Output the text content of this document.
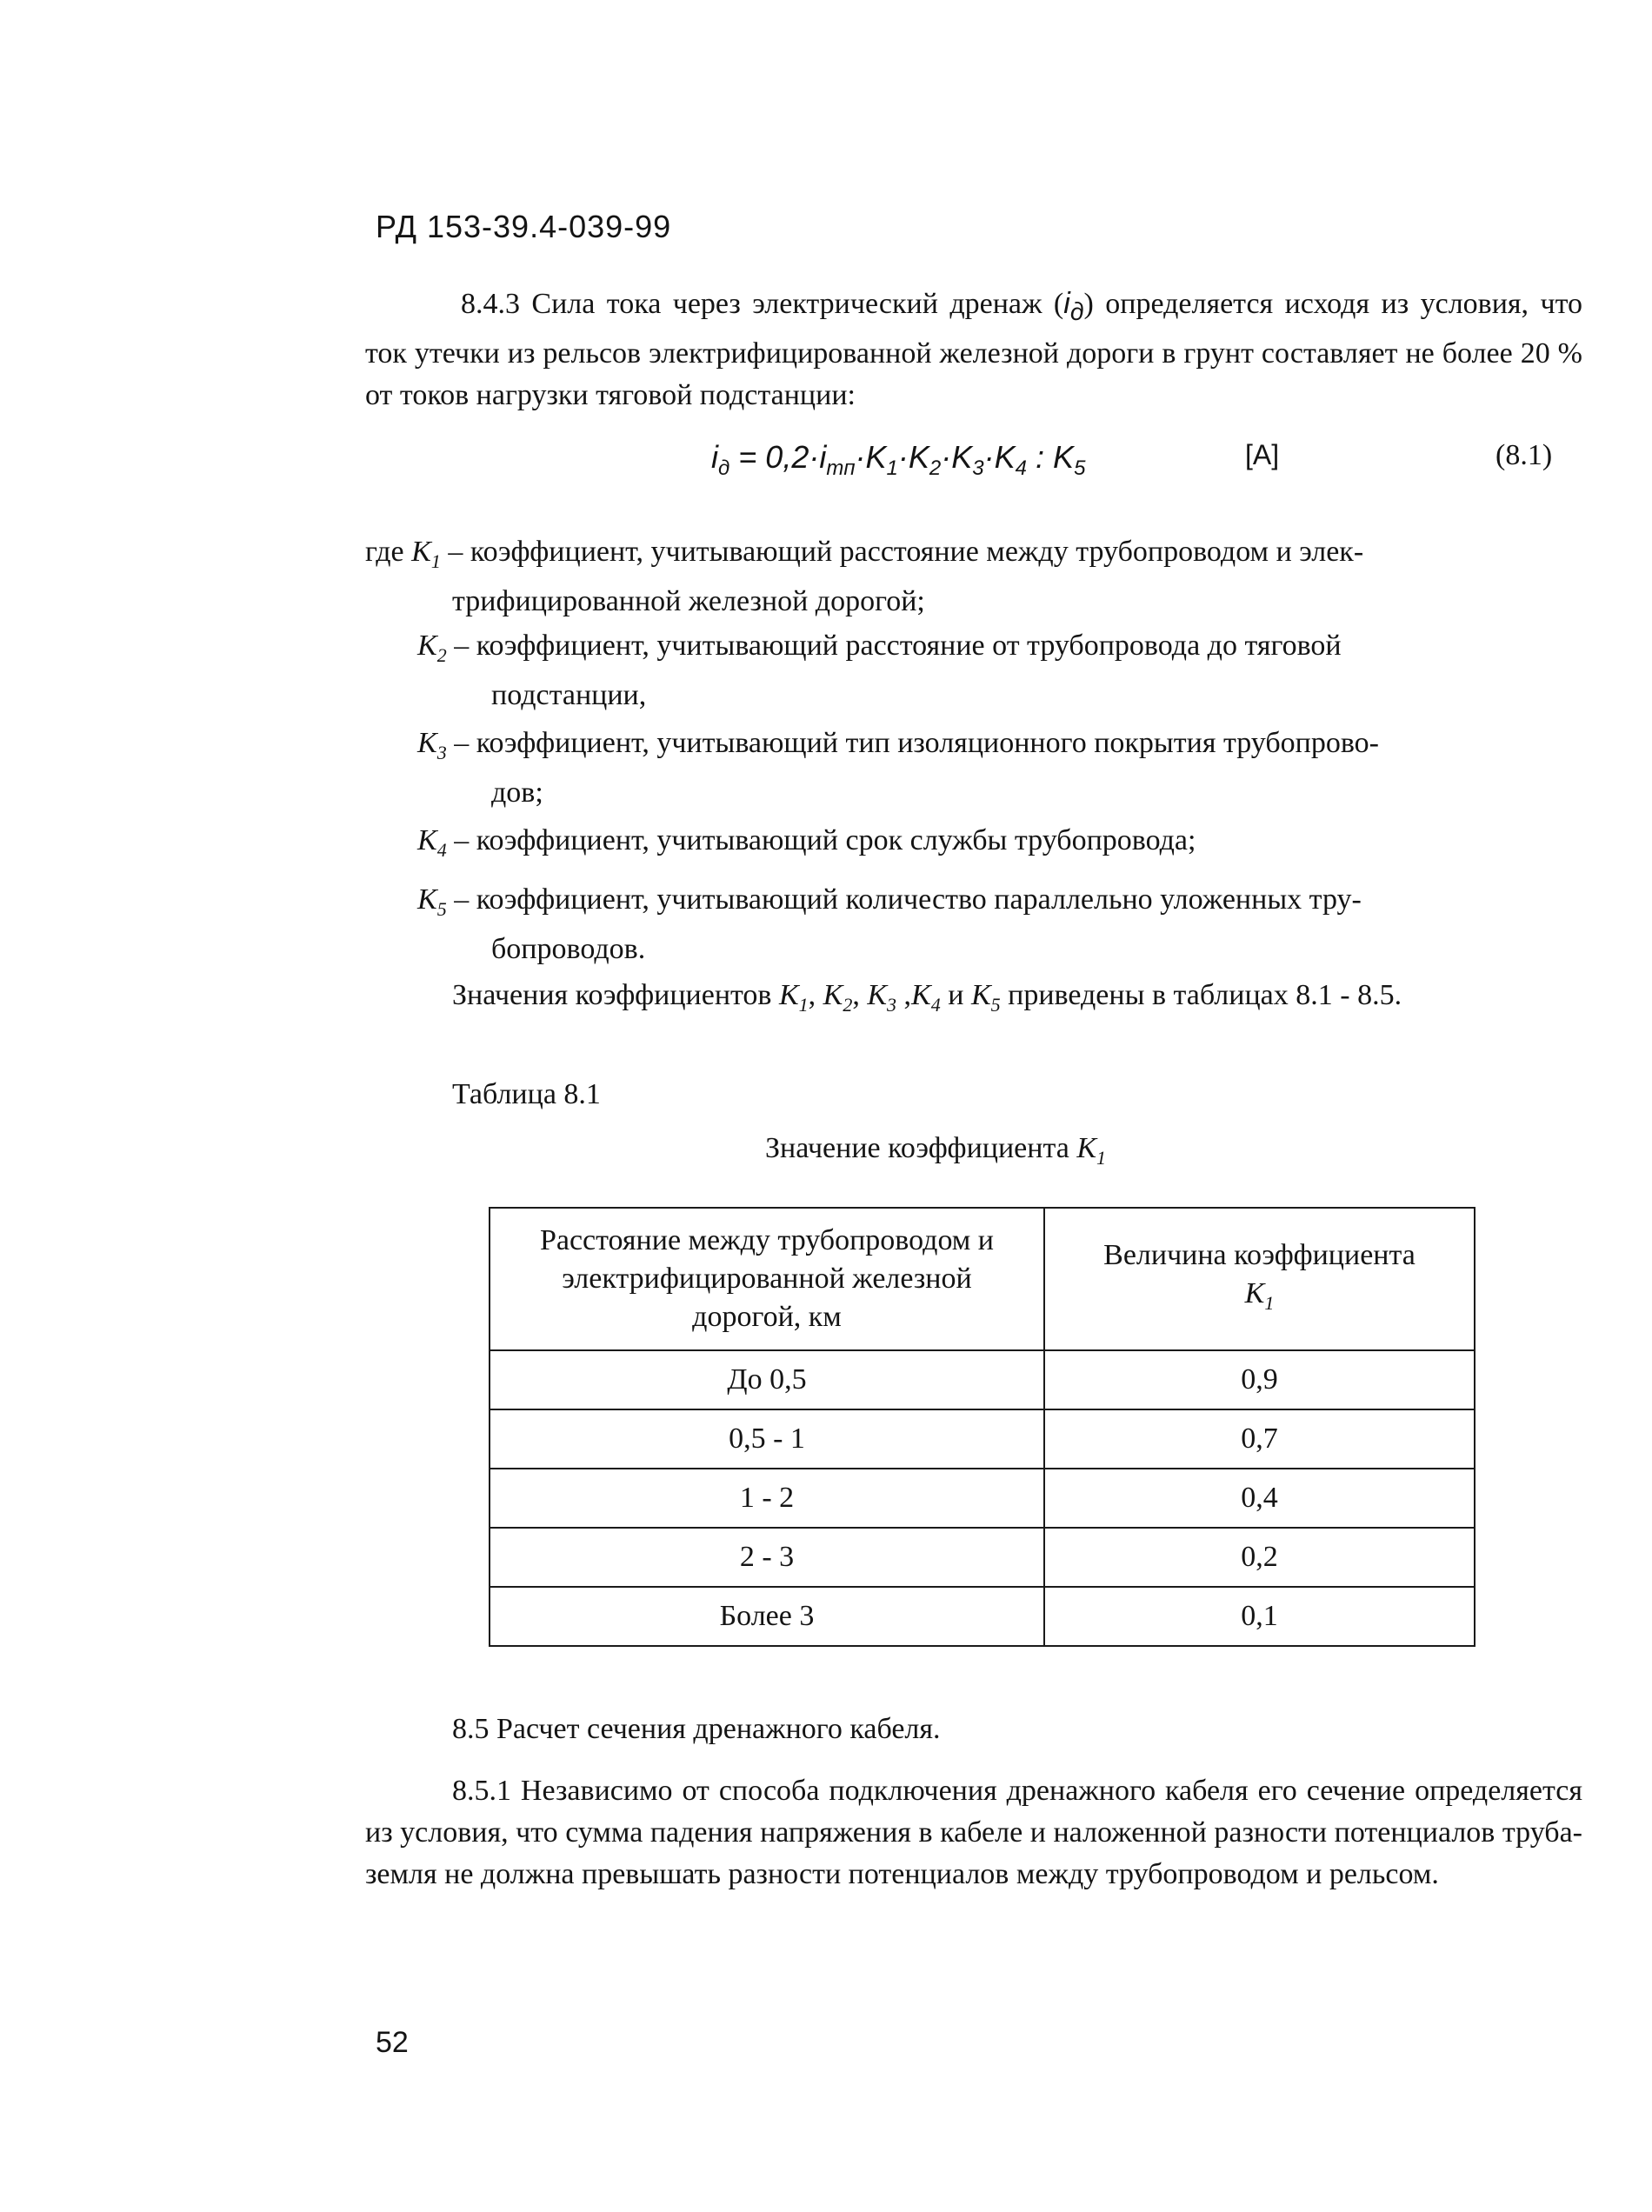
РД 153-39.4-039-99
8.4.3 Сила тока через электрический дренаж $(i_д)$ определяется исходя из условия, что ток утечки из рельсов электрифицированной железной дороги в грунт составляет не более 20 % от токов нагрузки тяговой подстанции:
$i_д = 0,2\cdot i_{тп}\cdot K_1\cdot K_2\cdot K_3\cdot K_4$ : $K_5$	[А]	(8.1)
где $K_1$ – коэффициент, учитывающий расстояние между трубопроводом и элек-
трифицированной железной дорогой;
$K_2$ – коэффициент, учитывающий расстояние от трубопровода до тяговой
подстанции,
$K_3$ – коэффициент, учитывающий тип изоляционного покрытия трубопрово-
дов;
$K_4$ – коэффициент, учитывающий срок службы трубопровода;
$K_5$ – коэффициент, учитывающий количество параллельно уложенных тру-
бопроводов.
Значения коэффициентов $K_1$, $K_2$, $K_3$ $,K_4$ и $K_5$ приведены в таблицах 8.1 - 8.5.
Таблица 8.1
Значение коэффициента $K_1$
Расстояние между трубопроводом и электрифицированной железной дорогой, км	Величина коэффициента
$K_1$

До 0,5	0,9
0,5 - 1	0,7
1 - 2	0,4
2 - 3	0,2
Более 3	0,1
8.5 Расчет сечения дренажного кабеля.
8.5.1 Независимо от способа подключения дренажного кабеля его сечение определяется из условия, что сумма падения напряжения в кабеле и наложенной разности потенциалов труба-земля не должна превышать разности потенциалов между трубопроводом и рельсом.
52
